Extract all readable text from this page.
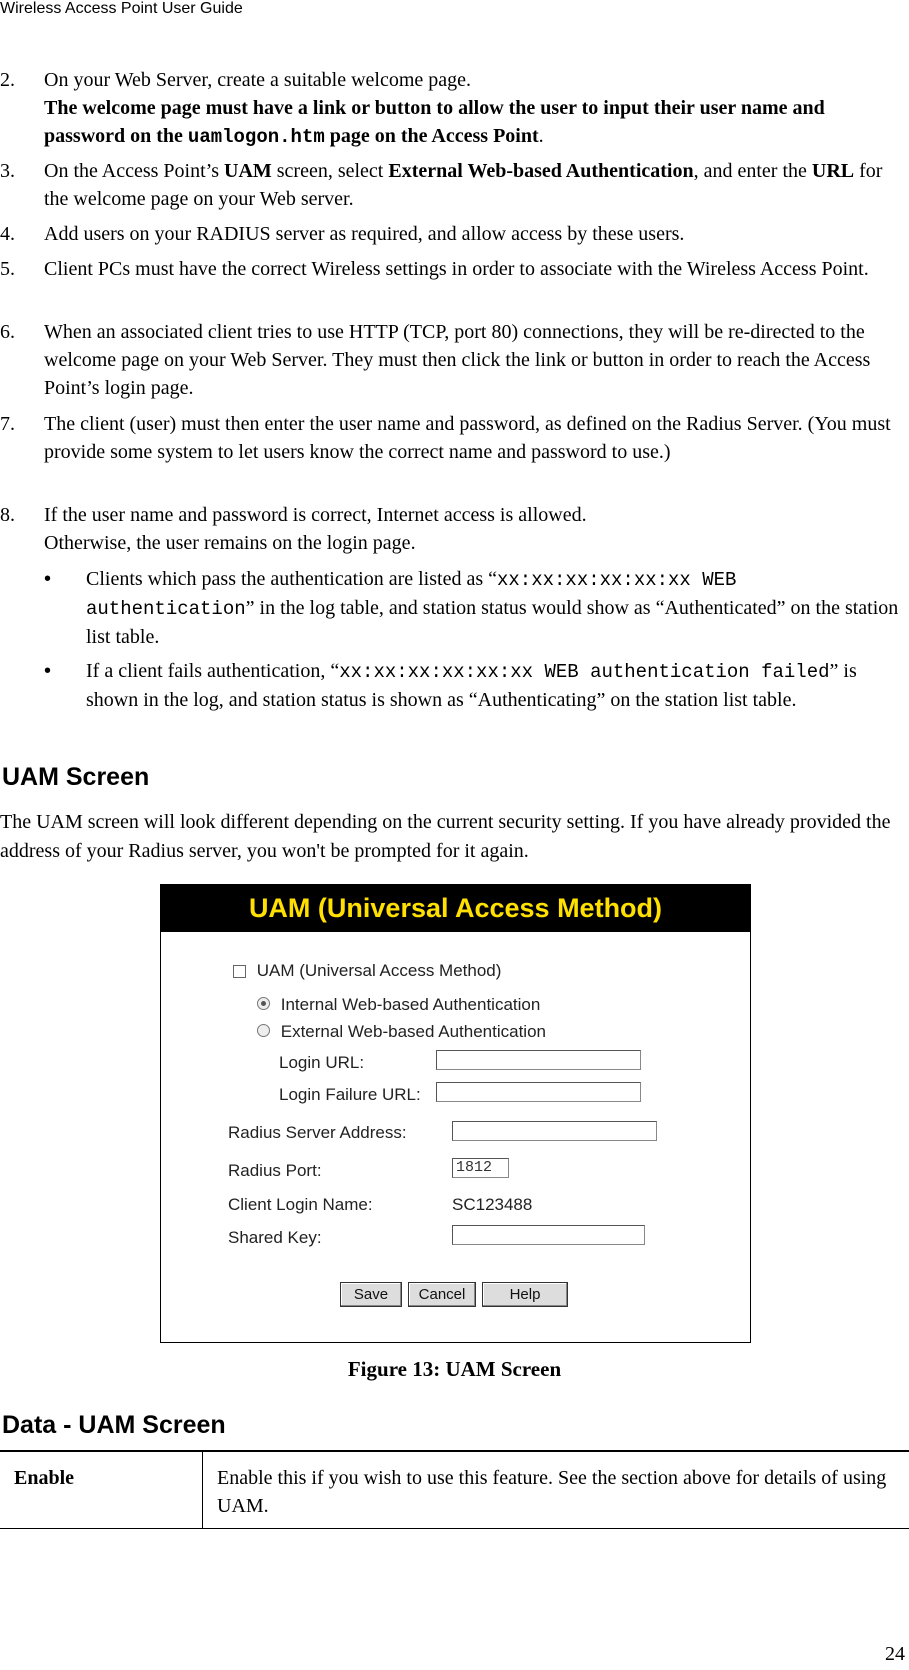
Wireless Access Point User Guide
2. On your Web Server, create a suitable welcome page.
The welcome page must have a link or button to allow the user to input their user name and password on the uamlogon.htm page on the Access Point.
3. On the Access Point’s UAM screen, select External Web-based Authentication, and enter the URL for the welcome page on your Web server.
4. Add users on your RADIUS server as required, and allow access by these users.
5. Client PCs must have the correct Wireless settings in order to associate with the Wireless Access Point.
6. When an associated client tries to use HTTP (TCP, port 80) connections, they will be re-directed to the welcome page on your Web Server. They must then click the link or button in order to reach the Access Point’s login page.
7. The client (user) must then enter the user name and password, as defined on the Radius Server. (You must provide some system to let users know the correct name and password to use.)
8. If the user name and password is correct, Internet access is allowed.
Otherwise, the user remains on the login page.
• Clients which pass the authentication are listed as “xx:xx:xx:xx:xx:xx WEB authentication” in the log table, and station status would show as “Authenticated” on the station list table.
• If a client fails authentication, “xx:xx:xx:xx:xx:xx WEB authentication failed” is shown in the log, and station status is shown as “Authenticating” on the station list table.
UAM Screen
The UAM screen will look different depending on the current security setting. If you have already provided the address of your Radius server, you won't be prompted for it again.
UAM (Universal Access Method)
UAM (Universal Access Method)
Internal Web-based Authentication
External Web-based Authentication
Login URL:
Login Failure URL:
Radius Server Address:
Radius Port:	1812
Client Login Name:	SC123488
Shared Key:
Save	Cancel	Help
Figure 13: UAM Screen
Data - UAM Screen
Enable	Enable this if you wish to use this feature. See the section above for details of using UAM.
24
